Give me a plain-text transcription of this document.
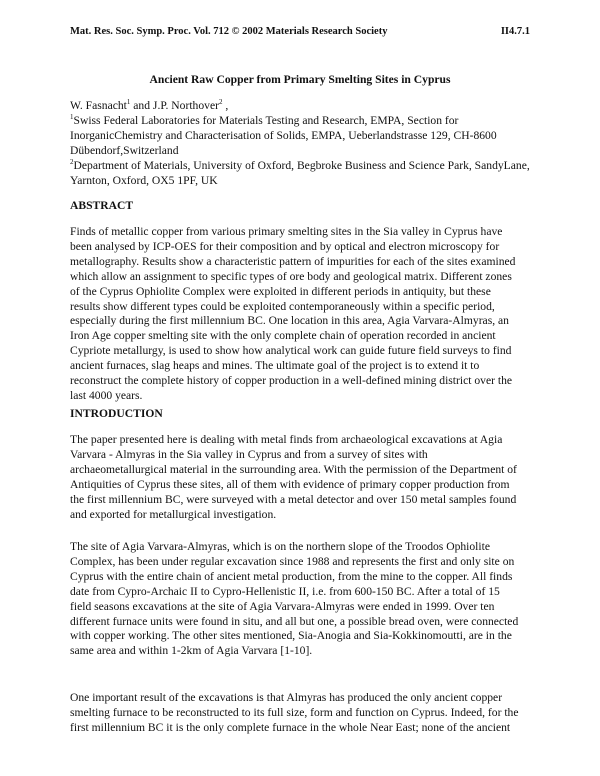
Mat. Res. Soc. Symp. Proc. Vol. 712 © 2002 Materials Research Society	II4.7.1
Ancient Raw Copper from Primary Smelting Sites in Cyprus
W. Fasnacht$^1$ and J.P. Northover$^2$ ,
$^1$Swiss Federal Laboratories for Materials Testing and Research, EMPA, Section for InorganicChemistry and Characterisation of Solids, EMPA, Ueberlandstrasse 129, CH-8600 Dübendorf,Switzerland
$^2$Department of Materials, University of Oxford, Begbroke Business and Science Park, SandyLane, Yarnton, Oxford, OX5 1PF, UK
ABSTRACT
Finds of metallic copper from various primary smelting sites in the Sia valley in Cyprus have
been analysed by ICP-OES for their composition and by optical and electron microscopy for
metallography. Results show a characteristic pattern of impurities for each of the sites examined
which allow an assignment to specific types of ore body and geological matrix. Different zones
of the Cyprus Ophiolite Complex were exploited in different periods in antiquity, but these
results show different types could be exploited contemporaneously within a specific period,
especially during the first millennium BC. One location in this area, Agia Varvara-Almyras, an
Iron Age copper smelting site with the only complete chain of operation recorded in ancient
Cypriote metallurgy, is used to show how analytical work can guide future field surveys to find
ancient furnaces, slag heaps and mines. The ultimate goal of the project is to extend it to
reconstruct the complete history of copper production in a well-defined mining district over the
last 4000 years.
INTRODUCTION
The paper presented here is dealing with metal finds from archaeological excavations at Agia
Varvara - Almyras in the Sia valley in Cyprus and from a survey of sites with
archaeometallurgical material in the surrounding area. With the permission of the Department of
Antiquities of Cyprus these sites, all of them with evidence of primary copper production from
the first millennium BC, were surveyed with a metal detector and over 150 metal samples found
and exported for metallurgical investigation.
The site of Agia Varvara-Almyras, which is on the northern slope of the Troodos Ophiolite
Complex, has been under regular excavation since 1988 and represents the first and only site on
Cyprus with the entire chain of ancient metal production, from the mine to the copper. All finds
date from Cypro-Archaic II to Cypro-Hellenistic II, i.e. from 600-150 BC. After a total of 15
field seasons excavations at the site of Agia Varvara-Almyras were ended in 1999. Over ten
different furnace units were found in situ, and all but one, a possible bread oven, were connected
with copper working. The other sites mentioned, Sia-Anogia and Sia-Kokkinomoutti, are in the
same area and within 1-2km of Agia Varvara [1-10].
One important result of the excavations is that Almyras has produced the only ancient copper
smelting furnace to be reconstructed to its full size, form and function on Cyprus. Indeed, for the
first millennium BC it is the only complete furnace in the whole Near East; none of the ancient
